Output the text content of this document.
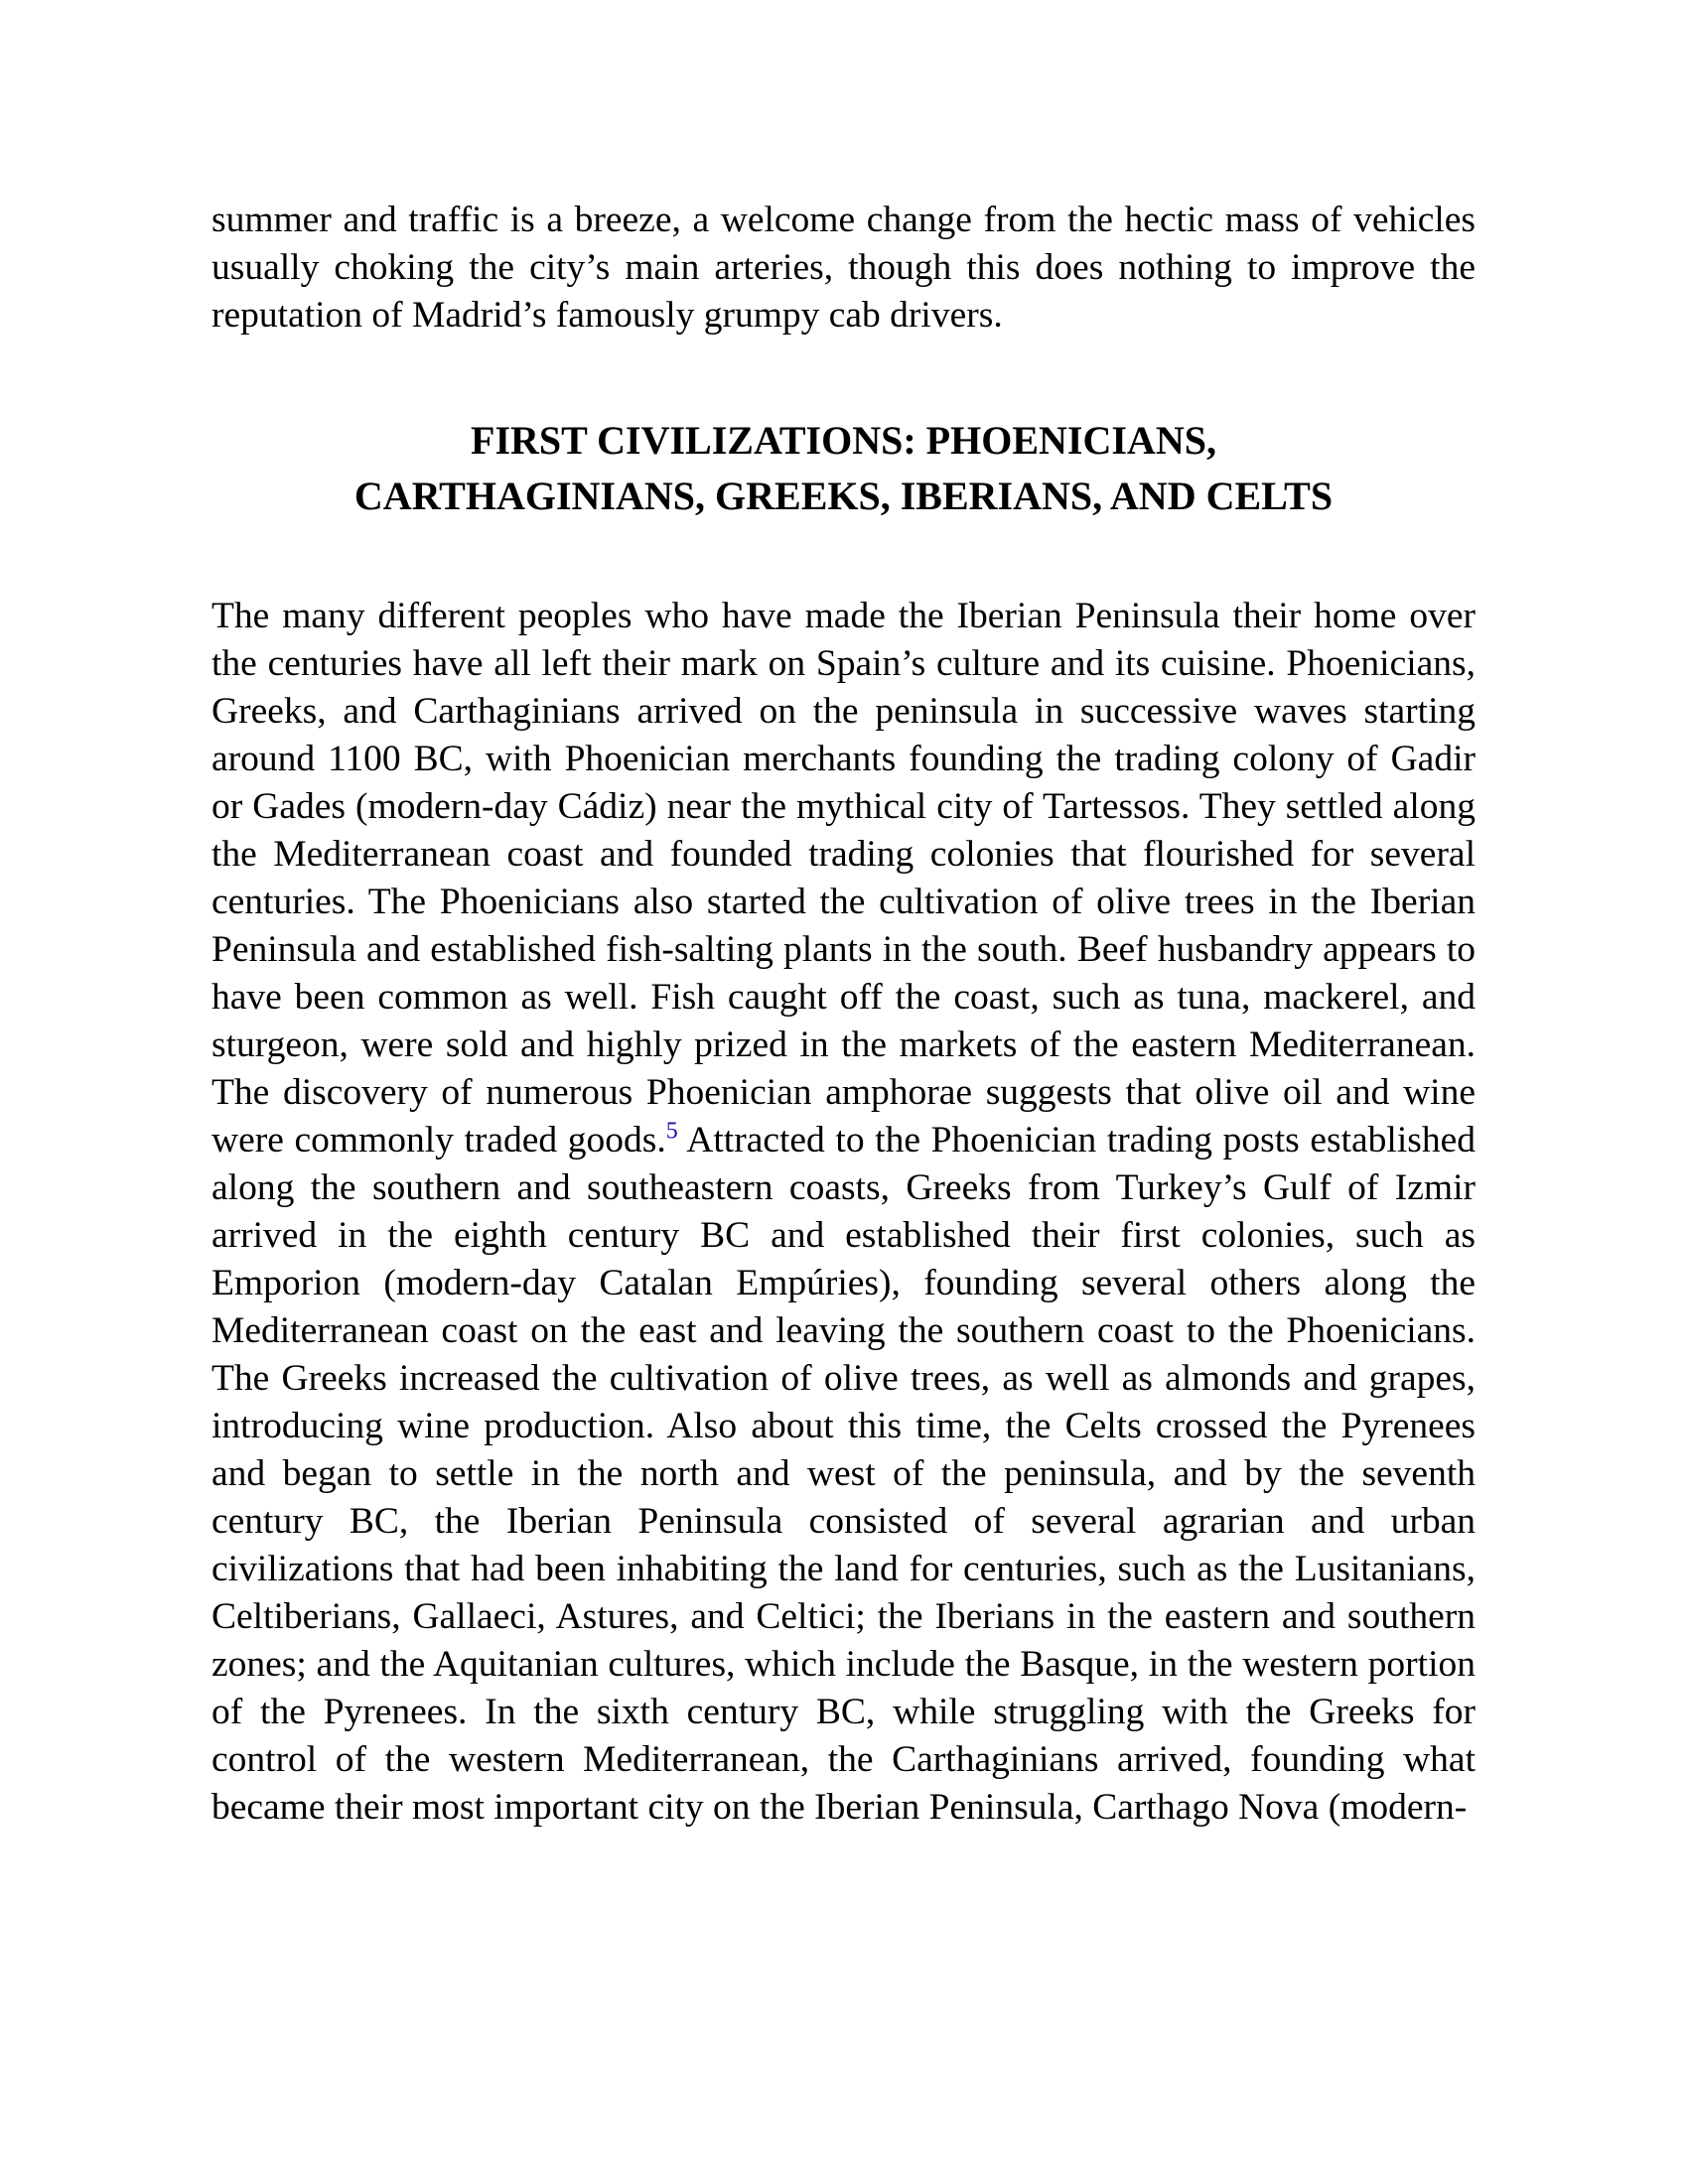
summer and traffic is a breeze, a welcome change from the hectic mass of vehicles usually choking the city’s main arteries, though this does nothing to improve the reputation of Madrid’s famously grumpy cab drivers.

FIRST CIVILIZATIONS: PHOENICIANS,
CARTHAGINIANS, GREEKS, IBERIANS, AND CELTS

The many different peoples who have made the Iberian Peninsula their home over the centuries have all left their mark on Spain’s culture and its cuisine. Phoenicians, Greeks, and Carthaginians arrived on the peninsula in successive waves starting around 1100 BC, with Phoenician merchants founding the trading colony of Gadir or Gades (modern-day Cádiz) near the mythical city of Tartessos. They settled along the Mediterranean coast and founded trading colonies that flourished for several centuries. The Phoenicians also started the cultivation of olive trees in the Iberian Peninsula and established fish-salting plants in the south. Beef husbandry appears to have been common as well. Fish caught off the coast, such as tuna, mackerel, and sturgeon, were sold and highly prized in the markets of the eastern Mediterranean. The discovery of numerous Phoenician amphorae suggests that olive oil and wine were commonly traded goods.$^5$ Attracted to the Phoenician trading posts established along the southern and southeastern coasts, Greeks from Turkey’s Gulf of Izmir arrived in the eighth century BC and established their first colonies, such as Emporion (modern-day Catalan Empúries), founding several others along the Mediterranean coast on the east and leaving the southern coast to the Phoenicians. The Greeks increased the cultivation of olive trees, as well as almonds and grapes, introducing wine production. Also about this time, the Celts crossed the Pyrenees and began to settle in the north and west of the peninsula, and by the seventh century BC, the Iberian Peninsula consisted of several agrarian and urban civilizations that had been inhabiting the land for centuries, such as the Lusitanians, Celtiberians, Gallaeci, Astures, and Celtici; the Iberians in the eastern and southern zones; and the Aquitanian cultures, which include the Basque, in the western portion of the Pyrenees. In the sixth century BC, while struggling with the Greeks for control of the western Mediterranean, the Carthaginians arrived, founding what became their most important city on the Iberian Peninsula, Carthago Nova (modern-
